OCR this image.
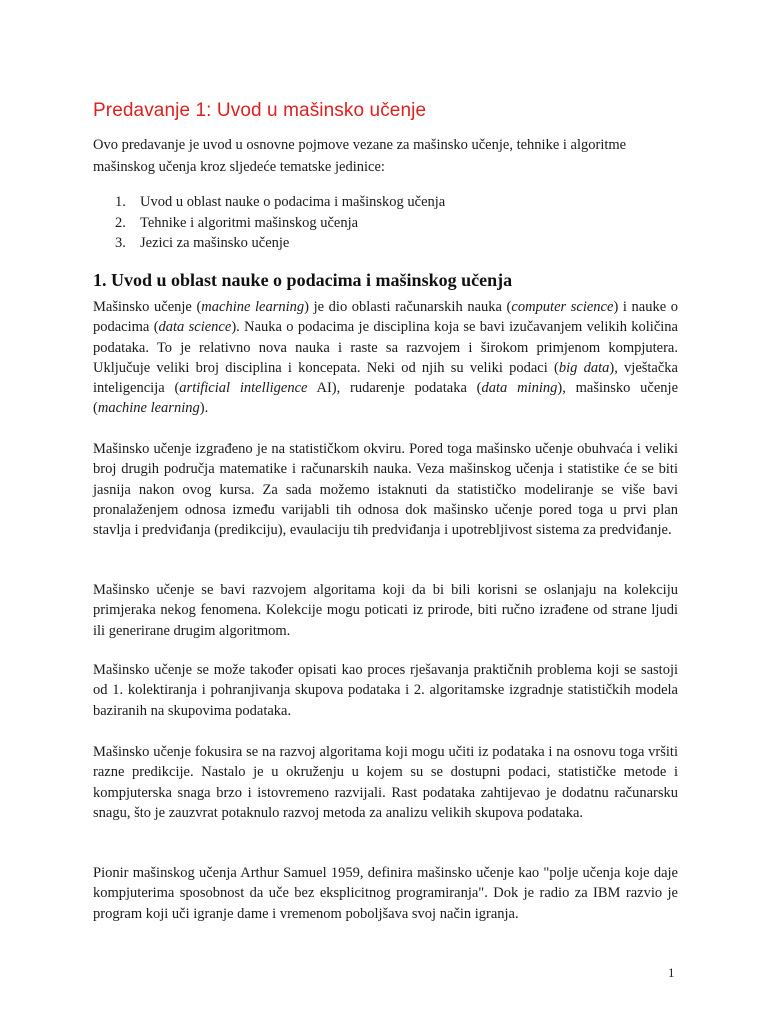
Predavanje 1: Uvod u mašinsko učenje

Ovo predavanje je uvod u osnovne pojmove vezane za mašinsko učenje, tehnike i algoritme mašinskog učenja kroz sljedeće tematske jedinice:

1. Uvod u oblast nauke o podacima i mašinskog učenja
2. Tehnike i algoritmi mašinskog učenja
3. Jezici za mašinsko učenje
1. Uvod u oblast nauke o podacima i mašinskog učenja

Mašinsko učenje (machine learning) je dio oblasti računarskih nauka (computer science) i nauke o podacima (data science). Nauka o podacima je disciplina koja se bavi izučavanjem velikih količina podataka. To je relativno nova nauka i raste sa razvojem i širokom primjenom kompjutera. Uključuje veliki broj disciplina i koncepata. Neki od njih su veliki podaci (big data), vještačka inteligencija (artificial intelligence AI), rudarenje podataka (data mining), mašinsko učenje (machine learning).

Mašinsko učenje izgrađeno je na statističkom okviru. Pored toga mašinsko učenje obuhvaća i veliki broj drugih područja matematike i računarskih nauka. Veza mašinskog učenja i statistike će se biti jasnija nakon ovog kursa. Za sada možemo istaknuti da statističko modeliranje se više bavi pronalaženjem odnosa između varijabli tih odnosa dok mašinsko učenje pored toga u prvi plan stavlja i predviđanja (predikciju), evaulaciju tih predviđanja i upotrebljivost sistema za predviđanje.

Mašinsko učenje se bavi razvojem algoritama koji da bi bili korisni se oslanjaju na kolekciju primjeraka nekog fenomena. Kolekcije mogu poticati iz prirode, biti ručno izrađene od strane ljudi ili generirane drugim algoritmom.

Mašinsko učenje se može također opisati kao proces rješavanja praktičnih problema koji se sastoji od 1. kolektiranja i pohranjivanja skupova podataka i 2. algoritamske izgradnje statističkih modela baziranih na skupovima podataka.

Mašinsko učenje fokusira se na razvoj algoritama koji mogu učiti iz podataka i na osnovu toga vršiti razne predikcije. Nastalo je u okruženju u kojem su se dostupni podaci, statističke metode i kompjuterska snaga brzo i istovremeno razvijali. Rast podataka zahtijevao je dodatnu računarsku snagu, što je zauzvrat potaknulo razvoj metoda za analizu velikih skupova podataka.

Pionir mašinskog učenja Arthur Samuel 1959, definira mašinsko učenje kao "polje učenja koje daje kompjuterima sposobnost da uče bez eksplicitnog programiranja". Dok je radio za IBM razvio je program koji uči igranje dame i vremenom poboljšava svoj način igranja.

1
